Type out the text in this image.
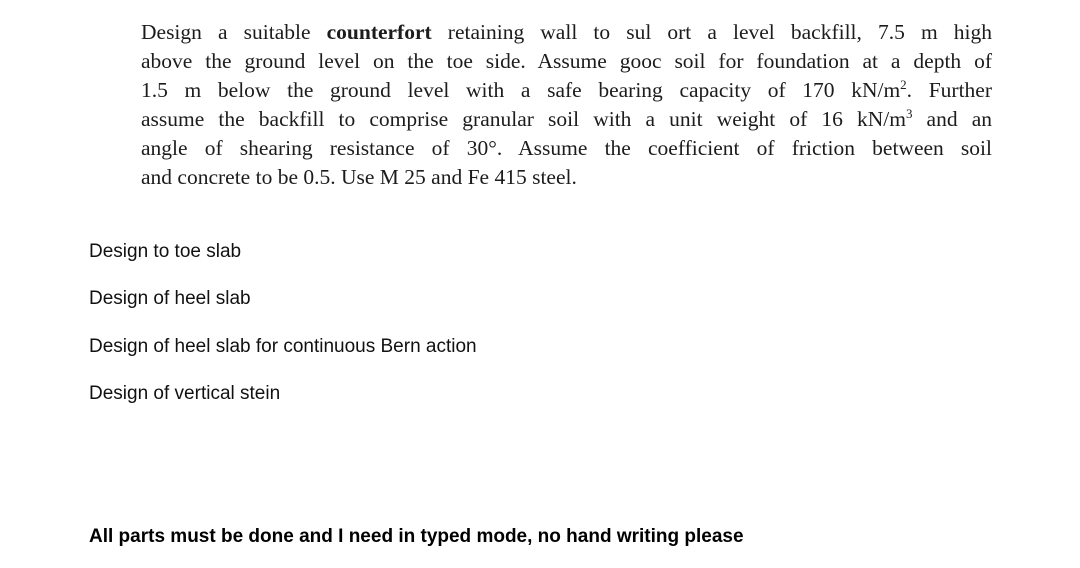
Design a suitable counterfort retaining wall to sul ort a level backfill, 7.5 m high
above the ground level on the toe side. Assume gooc soil for foundation at a depth of
1.5 m below the ground level with a safe bearing capacity of 170 $kN/m^2$. Further
assume the backfill to comprise granular soil with a unit weight of 16 $kN/m^3$ and an
angle of shearing resistance of 30°. Assume the coefficient of friction between soil
and concrete to be 0.5. Use M 25 and Fe 415 steel.
Design to toe slab
Design of heel slab
Design of heel slab for continuous Bern action
Design of vertical stein
All parts must be done and I need in typed mode, no hand writing please
